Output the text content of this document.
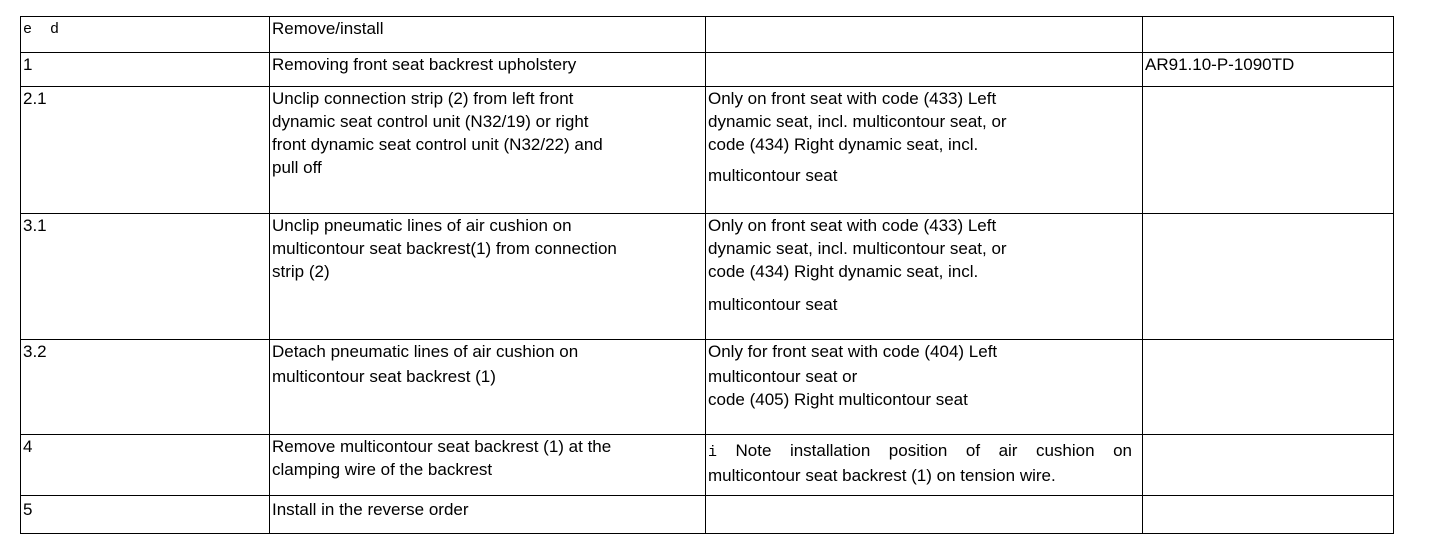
e  d	Remove/install		

1	Removing front seat backrest upholstery		AR91.10-P-1090TD

2.1	Unclip connection strip (2) from left front
dynamic seat control unit (N32/19) or right
front dynamic seat control unit (N32/22) and
pull off	Only on front seat with code (433) Left
dynamic seat, incl. multicontour seat, or
code (434) Right dynamic seat, incl.
multicontour seat	

3.1	Unclip pneumatic lines of air cushion on
multicontour seat backrest(1) from connection
strip (2)	Only on front seat with code (433) Left
dynamic seat, incl. multicontour seat, or
code (434) Right dynamic seat, incl.
multicontour seat	

3.2	Detach pneumatic lines of air cushion on
multicontour seat backrest (1)	Only for front seat with code (404) Left
multicontour seat or
code (405) Right multicontour seat	

4	Remove multicontour seat backrest (1) at the
clamping wire of the backrest	i Note installation position of air cushion on
multicontour seat backrest (1) on tension wire.	

5	Install in the reverse order		
